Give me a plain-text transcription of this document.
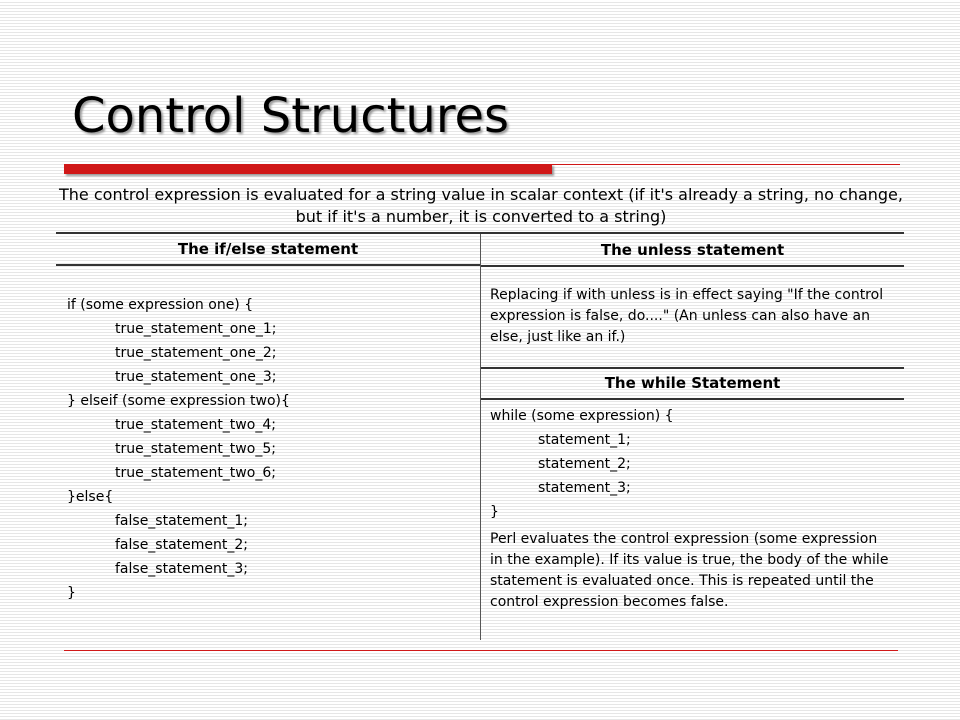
Control Structures
The control expression is evaluated for a string value in scalar context (if it's already a string, no change, but if it's a number, it is converted to a string)
The if/else statement	The unless statement
if (some expression one) {
true_statement_one_1;
true_statement_one_2;
true_statement_one_3;
} elseif (some expression two){
true_statement_two_4;
true_statement_two_5;
true_statement_two_6;
}else{
false_statement_1;
false_statement_2;
false_statement_3;
}

Replacing if with unless is in effect saying "If the control expression is false, do...." (An unless can also have an else, just like an if.)

The while Statement
while (some expression) {
statement_1;
statement_2;
statement_3;
}

Perl evaluates the control expression (some expression in the example). If its value is true, the body of the while statement is evaluated once. This is repeated until the control expression becomes false.
